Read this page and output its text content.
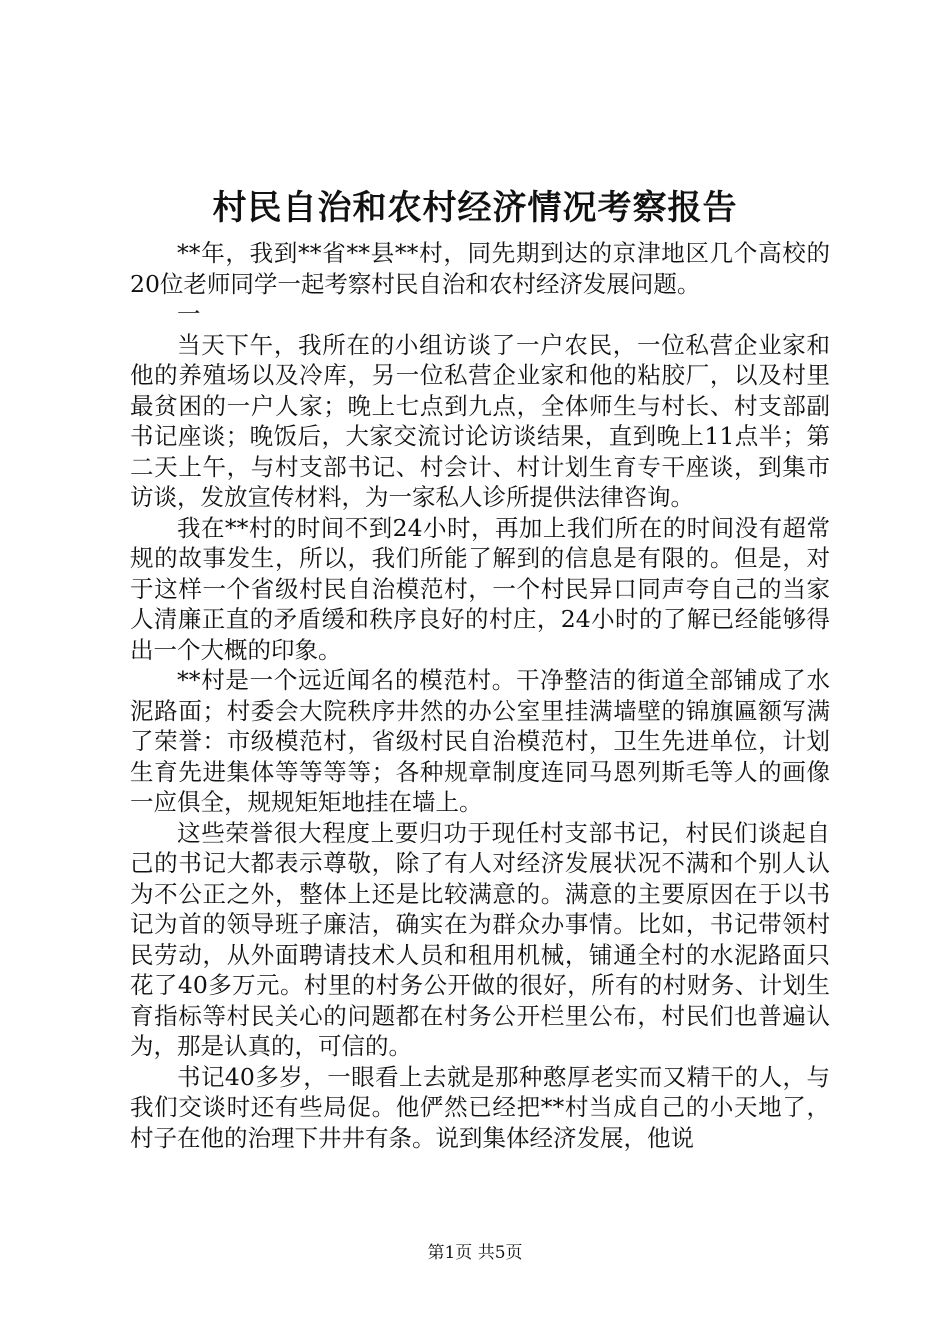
村民自治和农村经济情况考察报告

**年，我到**省**县**村，同先期到达的京津地区几个高校的20位老师同学一起考察村民自治和农村经济发展问题。

一

当天下午，我所在的小组访谈了一户农民，一位私营企业家和他的养殖场以及冷库，另一位私营企业家和他的粘胶厂，以及村里最贫困的一户人家；晚上七点到九点，全体师生与村长、村支部副书记座谈；晚饭后，大家交流讨论访谈结果，直到晚上11点半；第二天上午，与村支部书记、村会计、村计划生育专干座谈，到集市访谈，发放宣传材料，为一家私人诊所提供法律咨询。

我在**村的时间不到24小时，再加上我们所在的时间没有超常规的故事发生，所以，我们所能了解到的信息是有限的。但是，对于这样一个省级村民自治模范村，一个村民异口同声夸自己的当家人清廉正直的矛盾缓和秩序良好的村庄，24小时的了解已经能够得出一个大概的印象。

**村是一个远近闻名的模范村。干净整洁的街道全部铺成了水泥路面；村委会大院秩序井然的办公室里挂满墙壁的锦旗匾额写满了荣誉：市级模范村，省级村民自治模范村，卫生先进单位，计划生育先进集体等等等等；各种规章制度连同马恩列斯毛等人的画像一应俱全，规规矩矩地挂在墙上。

这些荣誉很大程度上要归功于现任村支部书记，村民们谈起自己的书记大都表示尊敬，除了有人对经济发展状况不满和个别人认为不公正之外，整体上还是比较满意的。满意的主要原因在于以书记为首的领导班子廉洁，确实在为群众办事情。比如，书记带领村民劳动，从外面聘请技术人员和租用机械，铺通全村的水泥路面只花了40多万元。村里的村务公开做的很好，所有的村财务、计划生育指标等村民关心的问题都在村务公开栏里公布，村民们也普遍认为，那是认真的，可信的。

书记40多岁，一眼看上去就是那种憨厚老实而又精干的人，与我们交谈时还有些局促。他俨然已经把**村当成自己的小天地了，村子在他的治理下井井有条。说到集体经济发展，他说

第1页 共5页
